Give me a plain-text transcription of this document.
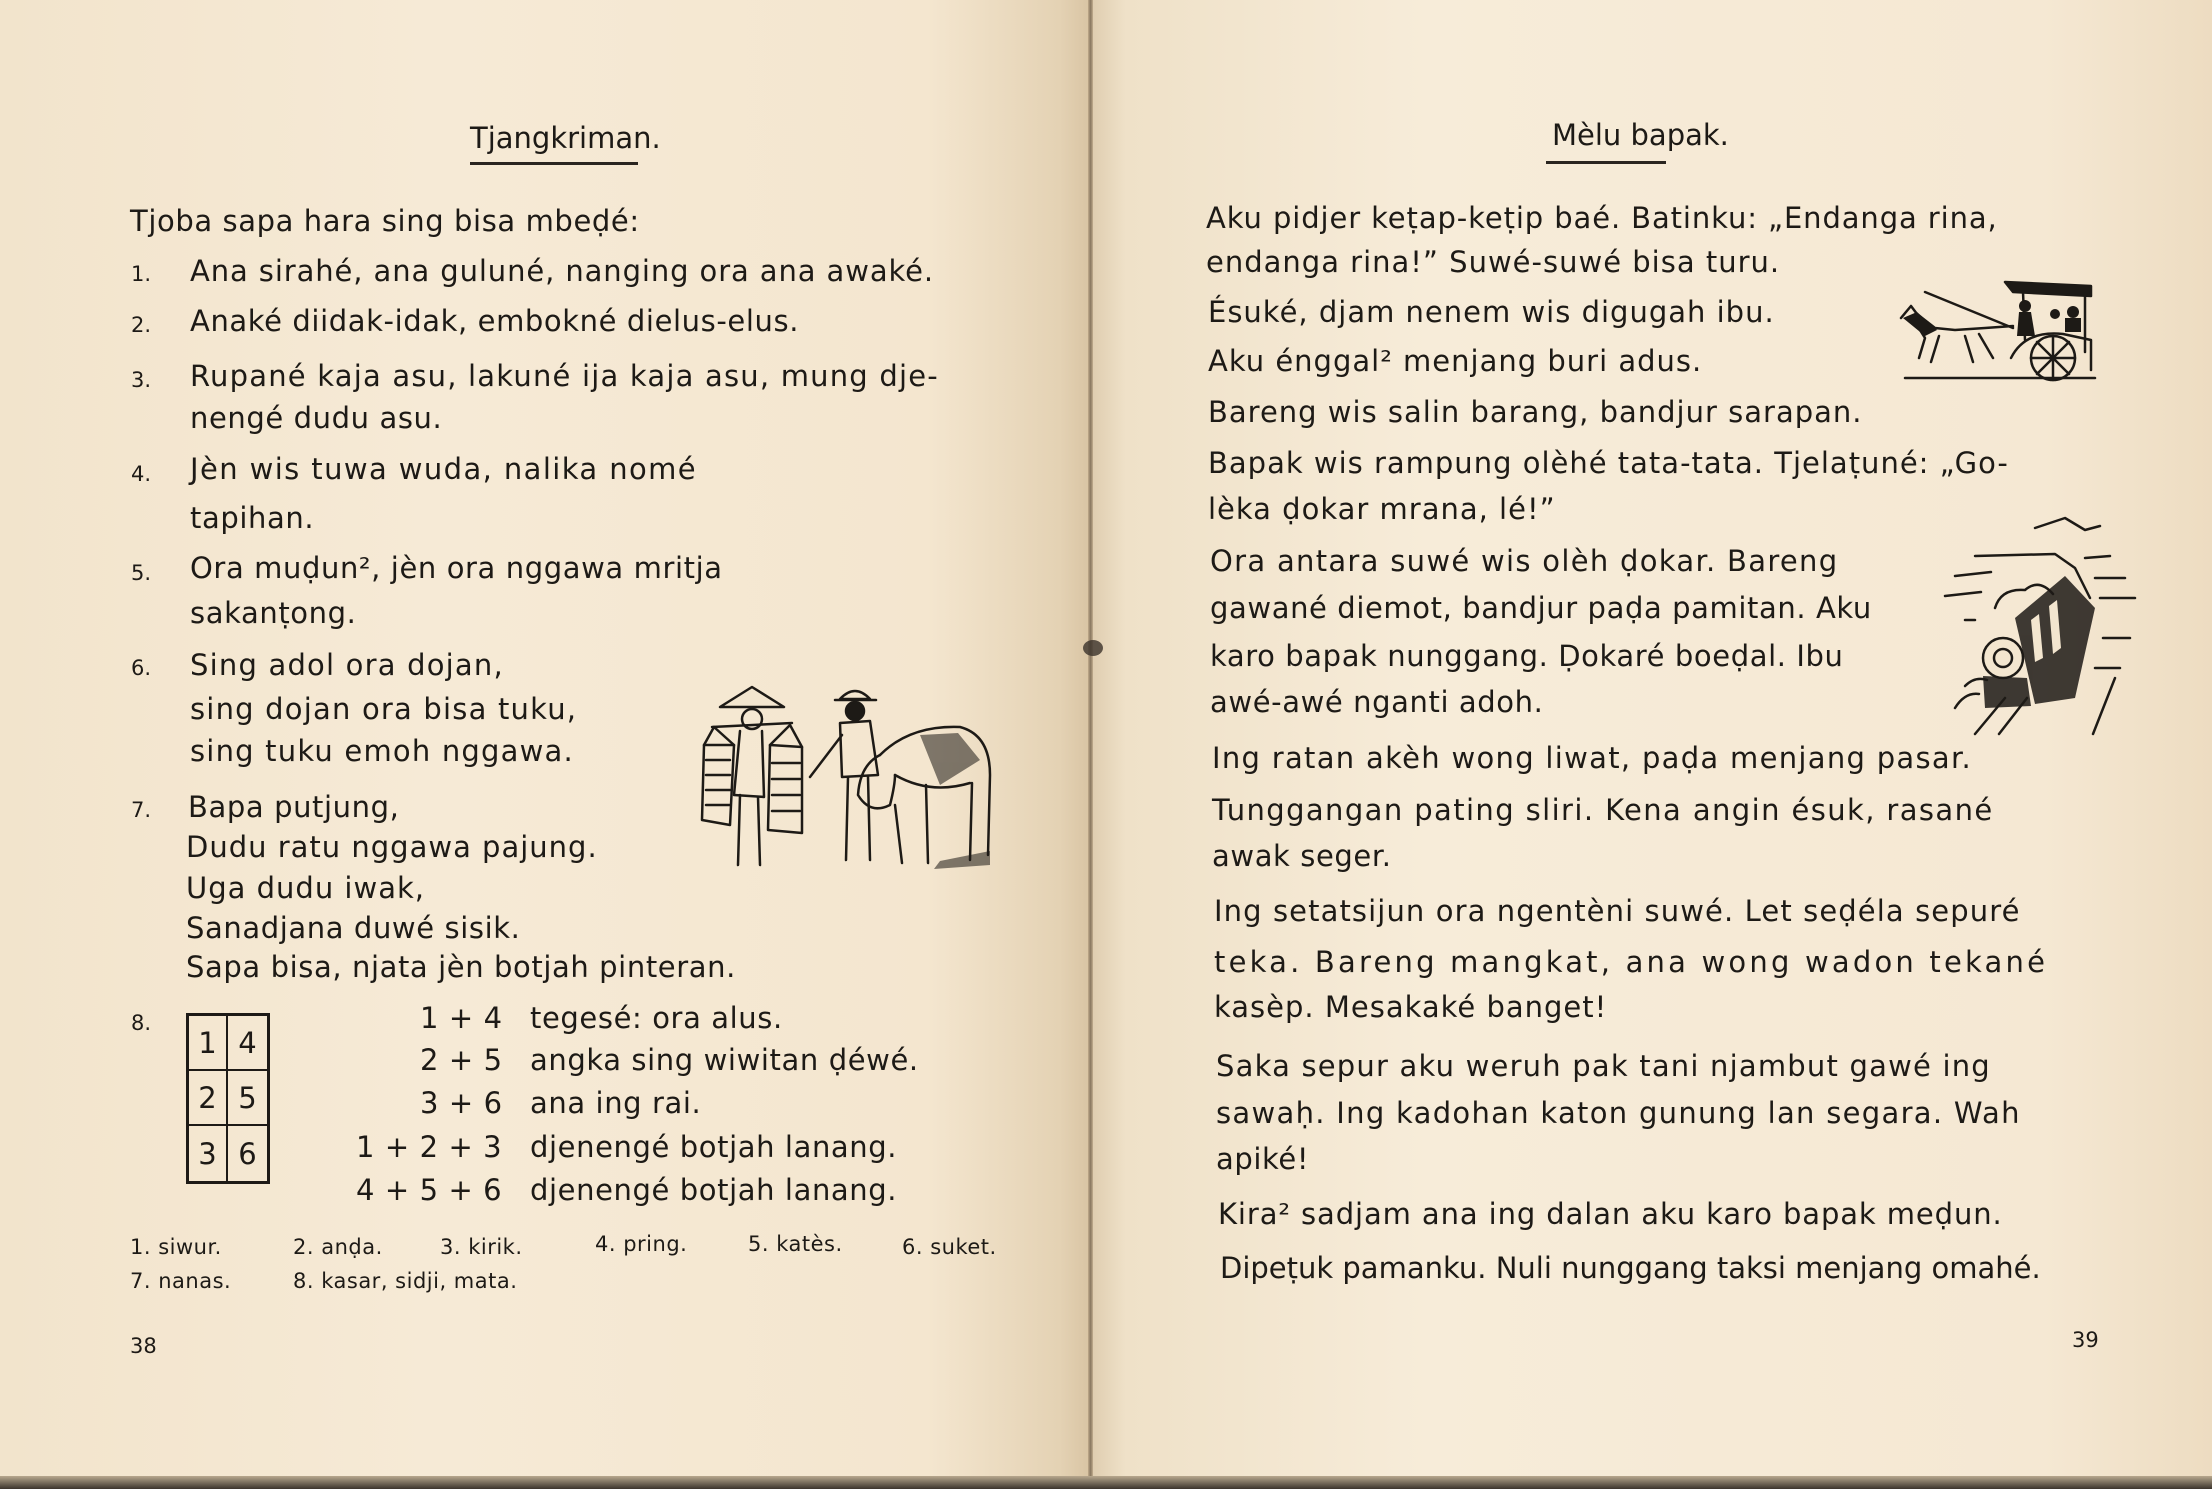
Tjangkriman.
Tjoba sapa hara sing bisa mbeḍé:
1. Ana sirahé, ana guluné, nanging ora ana awaké.
2. Anaké diidak-idak, embokné dielus-elus.
3. Rupané kaja asu, lakuné ija kaja asu, mung dje-
nengé dudu asu.
4. Jèn wis tuwa wuda, nalika nomé
tapihan.
5. Ora muḍun², jèn ora nggawa mritja
sakanṭong.
6. Sing adol ora dojan,
sing dojan ora bisa tuku,
sing tuku emoh nggawa.
7. Bapa putjung,
Dudu ratu nggawa pajung.
Uga dudu iwak,
Sanadjana duwé sisik.
Sapa bisa, njata jèn botjah pinteran.
8.
1 4
2 5
3 6
1 + 4 tegesé: ora alus.
2 + 5 angka sing wiwitan ḍéwé.
3 + 6 ana ing rai.
1 + 2 + 3 djenengé botjah lanang.
4 + 5 + 6 djenengé botjah lanang.
1. siwur.	2. anḍa.	3. kirik.	4. pring.	5. katès.	6. suket.
7. nanas.	8. kasar, sidji, mata.
38
Mèlu bapak.
Aku pidjer keṭap-keṭip baé. Batinku: „Endanga rina,
endanga rina!” Suwé-suwé bisa turu.
Ésuké, djam nenem wis digugah ibu.
Aku énggal² menjang buri adus.
Bareng wis salin barang, bandjur sarapan.
Bapak wis rampung olèhé tata-tata. Tjelaṭuné: „Go-
lèka ḍokar mrana, lé!”
Ora antara suwé wis olèh ḍokar. Bareng
gawané diemot, bandjur paḍa pamitan. Aku
karo bapak nunggang. Ḍokaré boeḍal. Ibu
awé-awé nganti adoh.
Ing ratan akèh wong liwat, paḍa menjang pasar.
Tunggangan pating sliri. Kena angin ésuk, rasané
awak seger.
Ing setatsijun ora ngentèni suwé. Let seḍéla sepuré
teka. Bareng mangkat, ana wong wadon tekané
kasèp. Mesakaké banget!
Saka sepur aku weruh pak tani njambut gawé ing
sawaḥ. Ing kadohan katon gunung lan segara. Wah
apiké!
Kira² sadjam ana ing dalan aku karo bapak meḍun.
Dipeṭuk pamanku. Nuli nunggang taksi menjang omahé.
39
